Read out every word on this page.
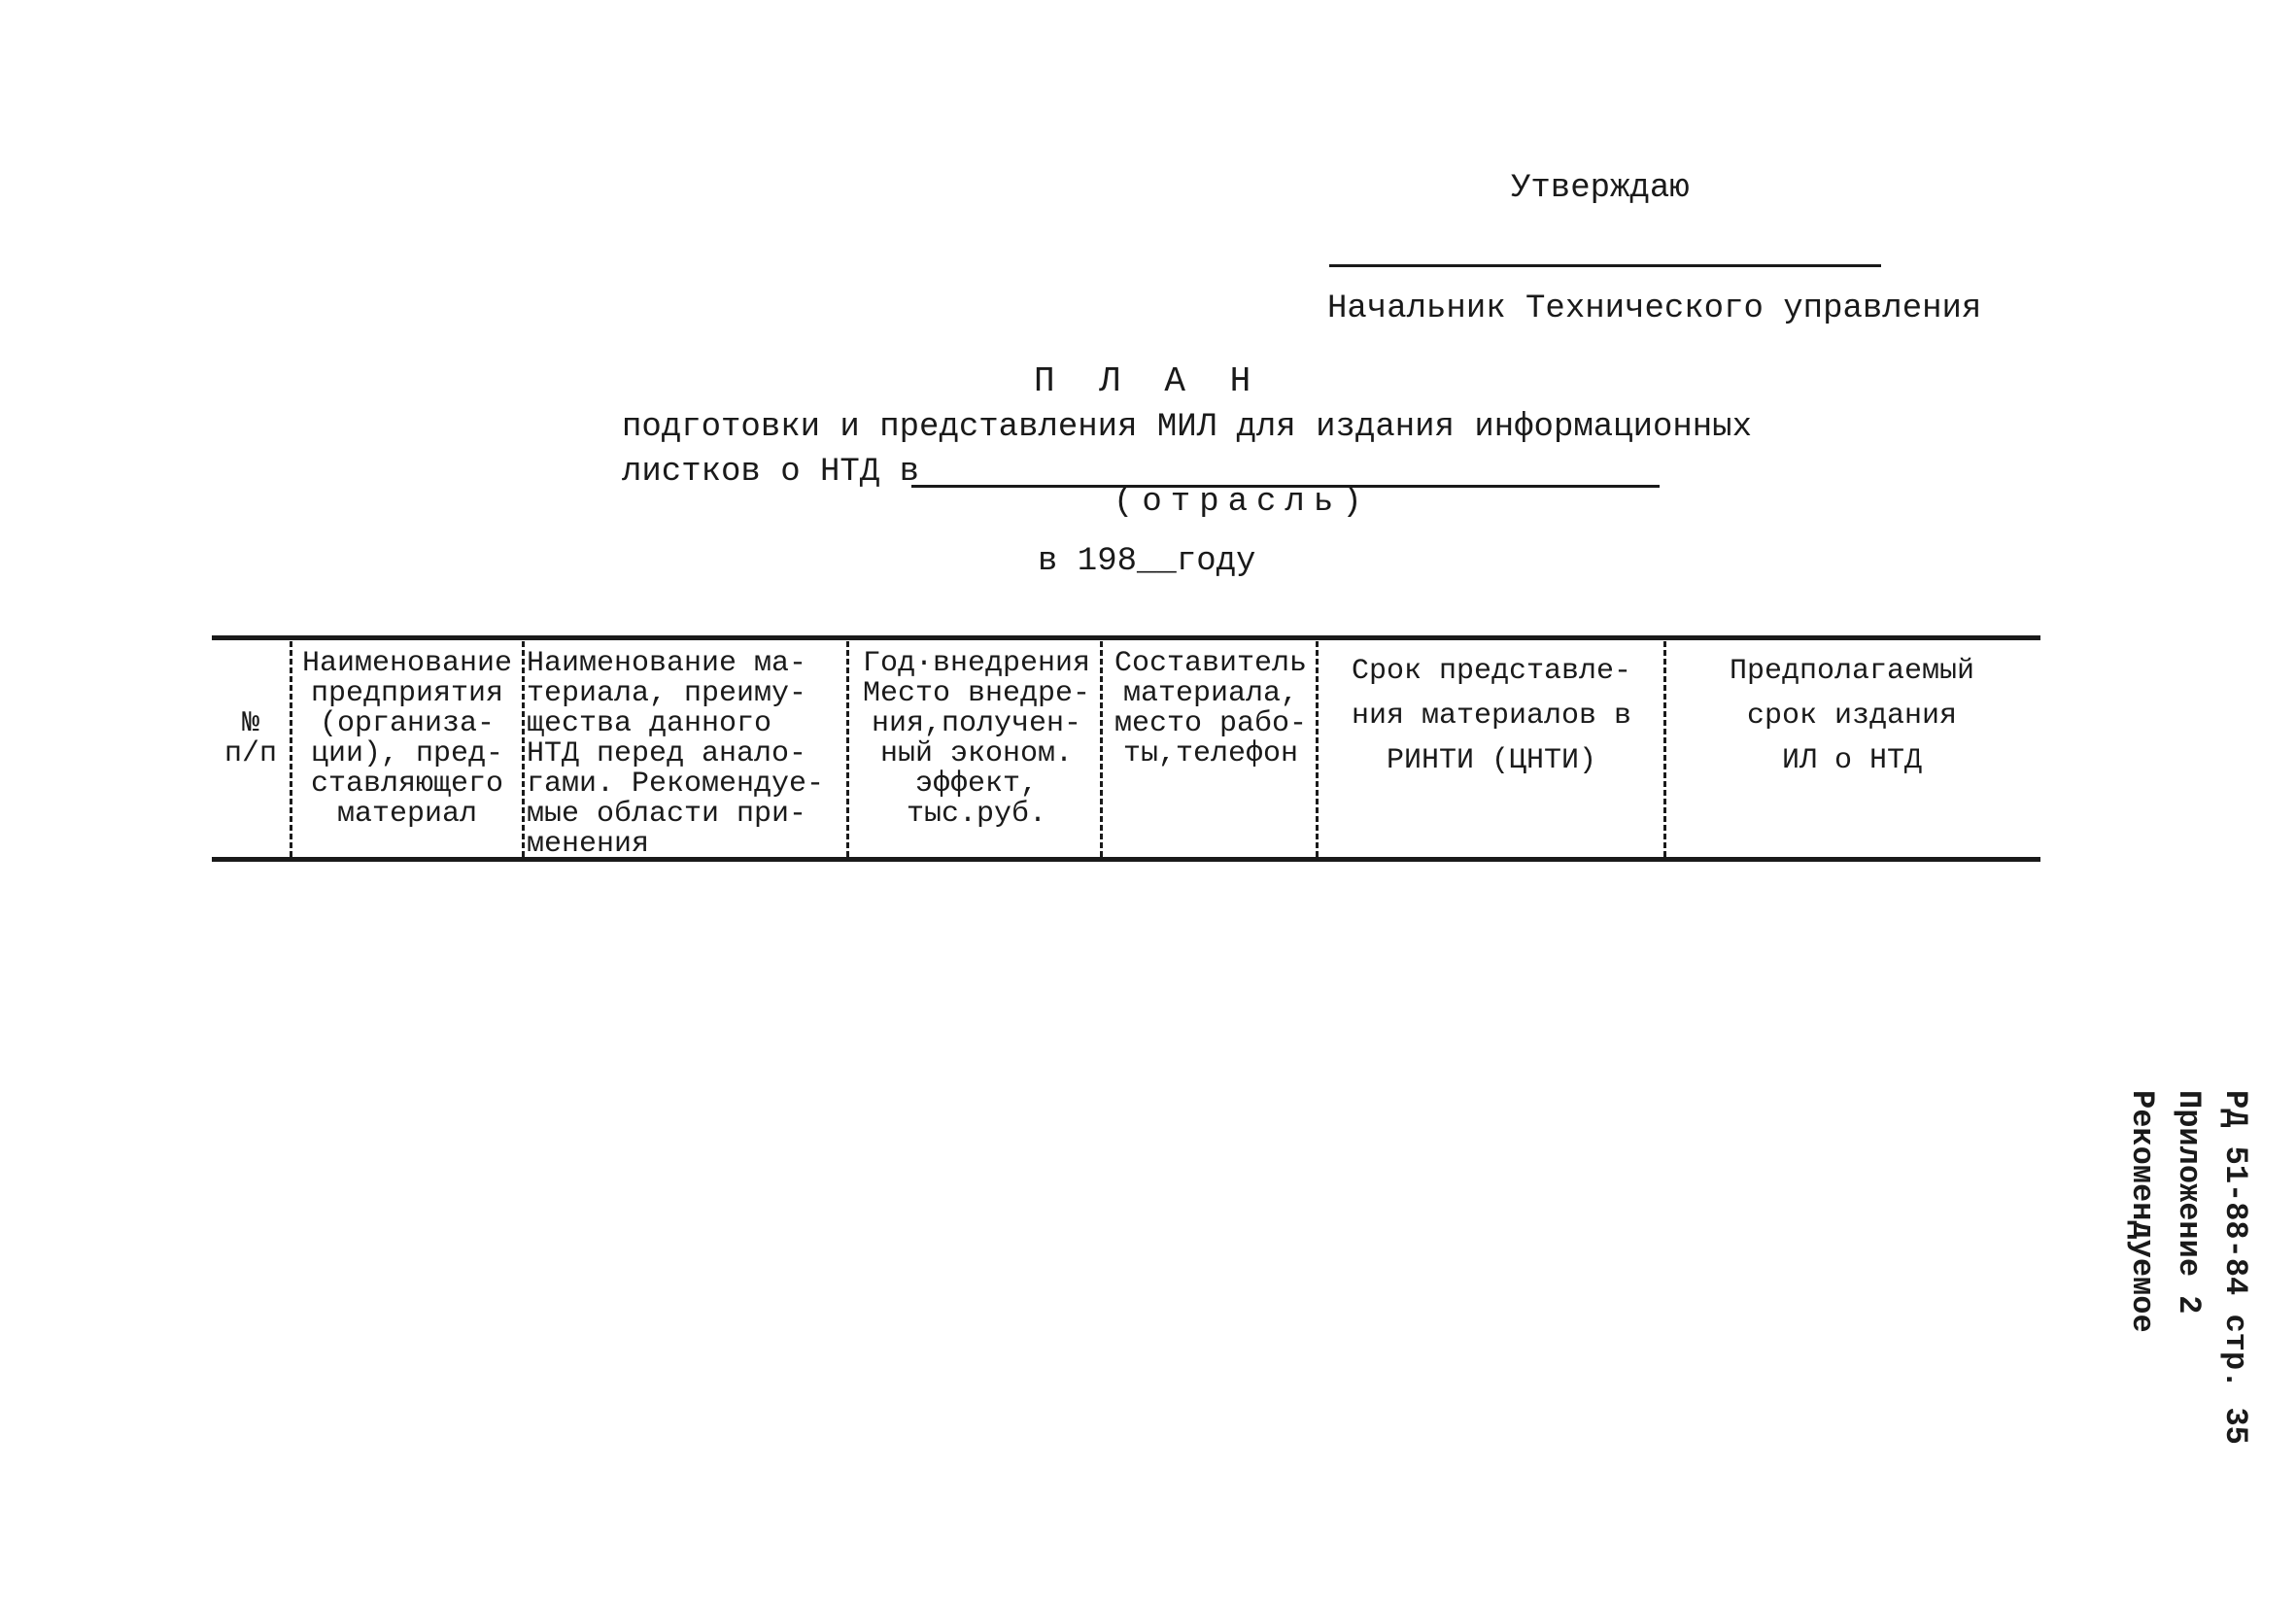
Утверждаю
Начальник Технического управления
П Л А Н
подготовки и представления МИЛ для издания информационных
листков о НТД в
(отрасль)
в 198__году
№
п/п
Наименование
предприятия
(организа-
ции), пред-
ставляющего
материал
Наименование ма-
териала, преиму-
щества данного
НТД перед анало-
гами. Рекомендуе-
мые области при-
менения
Год·внедрения
Место внедре-
ния,получен-
ный эконом.
эффект,
тыс.руб.
Составитель
материала,
место рабо-
ты,телефон
Срок представле-
ния материалов в
РИНТИ (ЦНТИ)
Предполагаемый
срок издания
ИЛ о НТД
РД 51-88-84 стр. 35
Приложение 2
Рекомендуемое
